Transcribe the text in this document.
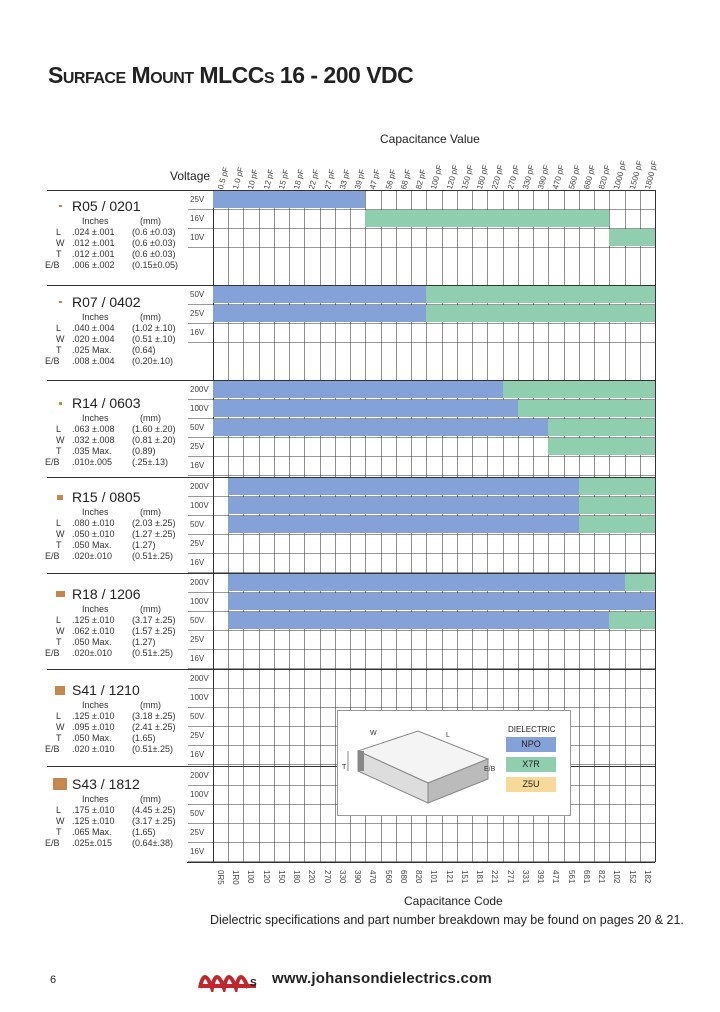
SURFACE MOUNT MLCCS 16 - 200 VDC
Capacitance Value
Voltage 0.5 pF 1.0 pF 10 pF 12 pF 15 pF 18 pF 22 pF 27 pF 33 pF 39 pF 47 pF 56 pF 68 pF 82 pF 100 pF 120 pF 150 pF 180 pF 220 pF 270 pF 330 pF 390 pF 470 pF 560 pF 680 pF 820 pF 1000 pF
1500 pF
1800 pF
0R5 1R0 100 120 150 180 220 270 330 390 470 560 680 820 101 121 151 181 221 271 331 391 471 561 681 821 102 152 182
25V
16V
10V
R05 / 0201
Inches	(mm)
L .024 ±.001 (0.6 ±0.03)
W .012 ±.001 (0.6 ±0.03)
T .012 ±.001 (0.6 ±0.03)
E/B .006 ±.002 (0.15±0.05)
50V
25V
16V
R07 / 0402
Inches	(mm)
L .040 ±.004 (1.02 ±.10)
W .020 ±.004 (0.51 ±.10)
T .025 Max. (0.64)
E/B .008 ±.004 (0.20±.10)
200V
100V
50V
25V
16V
R14 / 0603
Inches	(mm)
L .063 ±.008 (1.60 ±.20)
W .032 ±.008 (0.81 ±.20)
T .035 Max. (0.89)
E/B .010±.005 (.25±.13)
200V
100V
50V
25V
16V
R15 / 0805
Inches	(mm)
L .080 ±.010 (2.03 ±.25)
W .050 ±.010 (1.27 ±.25)
T .050 Max. (1.27)
E/B .020±.010 (0.51±.25)
200V
100V
50V
25V
16V
R18 / 1206
Inches	(mm)
L .125 ±.010 (3.17 ±.25)
W .062 ±.010 (1.57 ±.25)
T .050 Max. (1.27)
E/B .020±.010 (0.51±.25)
200V
100V
50V
25V
16V
S41 / 1210
Inches	(mm)
L .125 ±.010 (3.18 ±.25)
W .095 ±.010 (2.41 ±.25)
T .050 Max. (1.65)
E/B .020 ±.010 (0.51±.25)
200V
100V
50V
25V
16V
S43 / 1812
Inches	(mm)
L .175 ±.010 (4.45 ±.25)
W .125 ±.010 (3.17 ±.25)
T .065 Max. (1.65)
E/B .025±.015 (0.64±.38)
T
W	L
E/B
DIELECTRIC
NPO
X7R
Z5U
Capacitance Code
Dielectric specifications and part number breakdown may be found on pages 20 & 21.
S www.johansondielectrics.com
6
